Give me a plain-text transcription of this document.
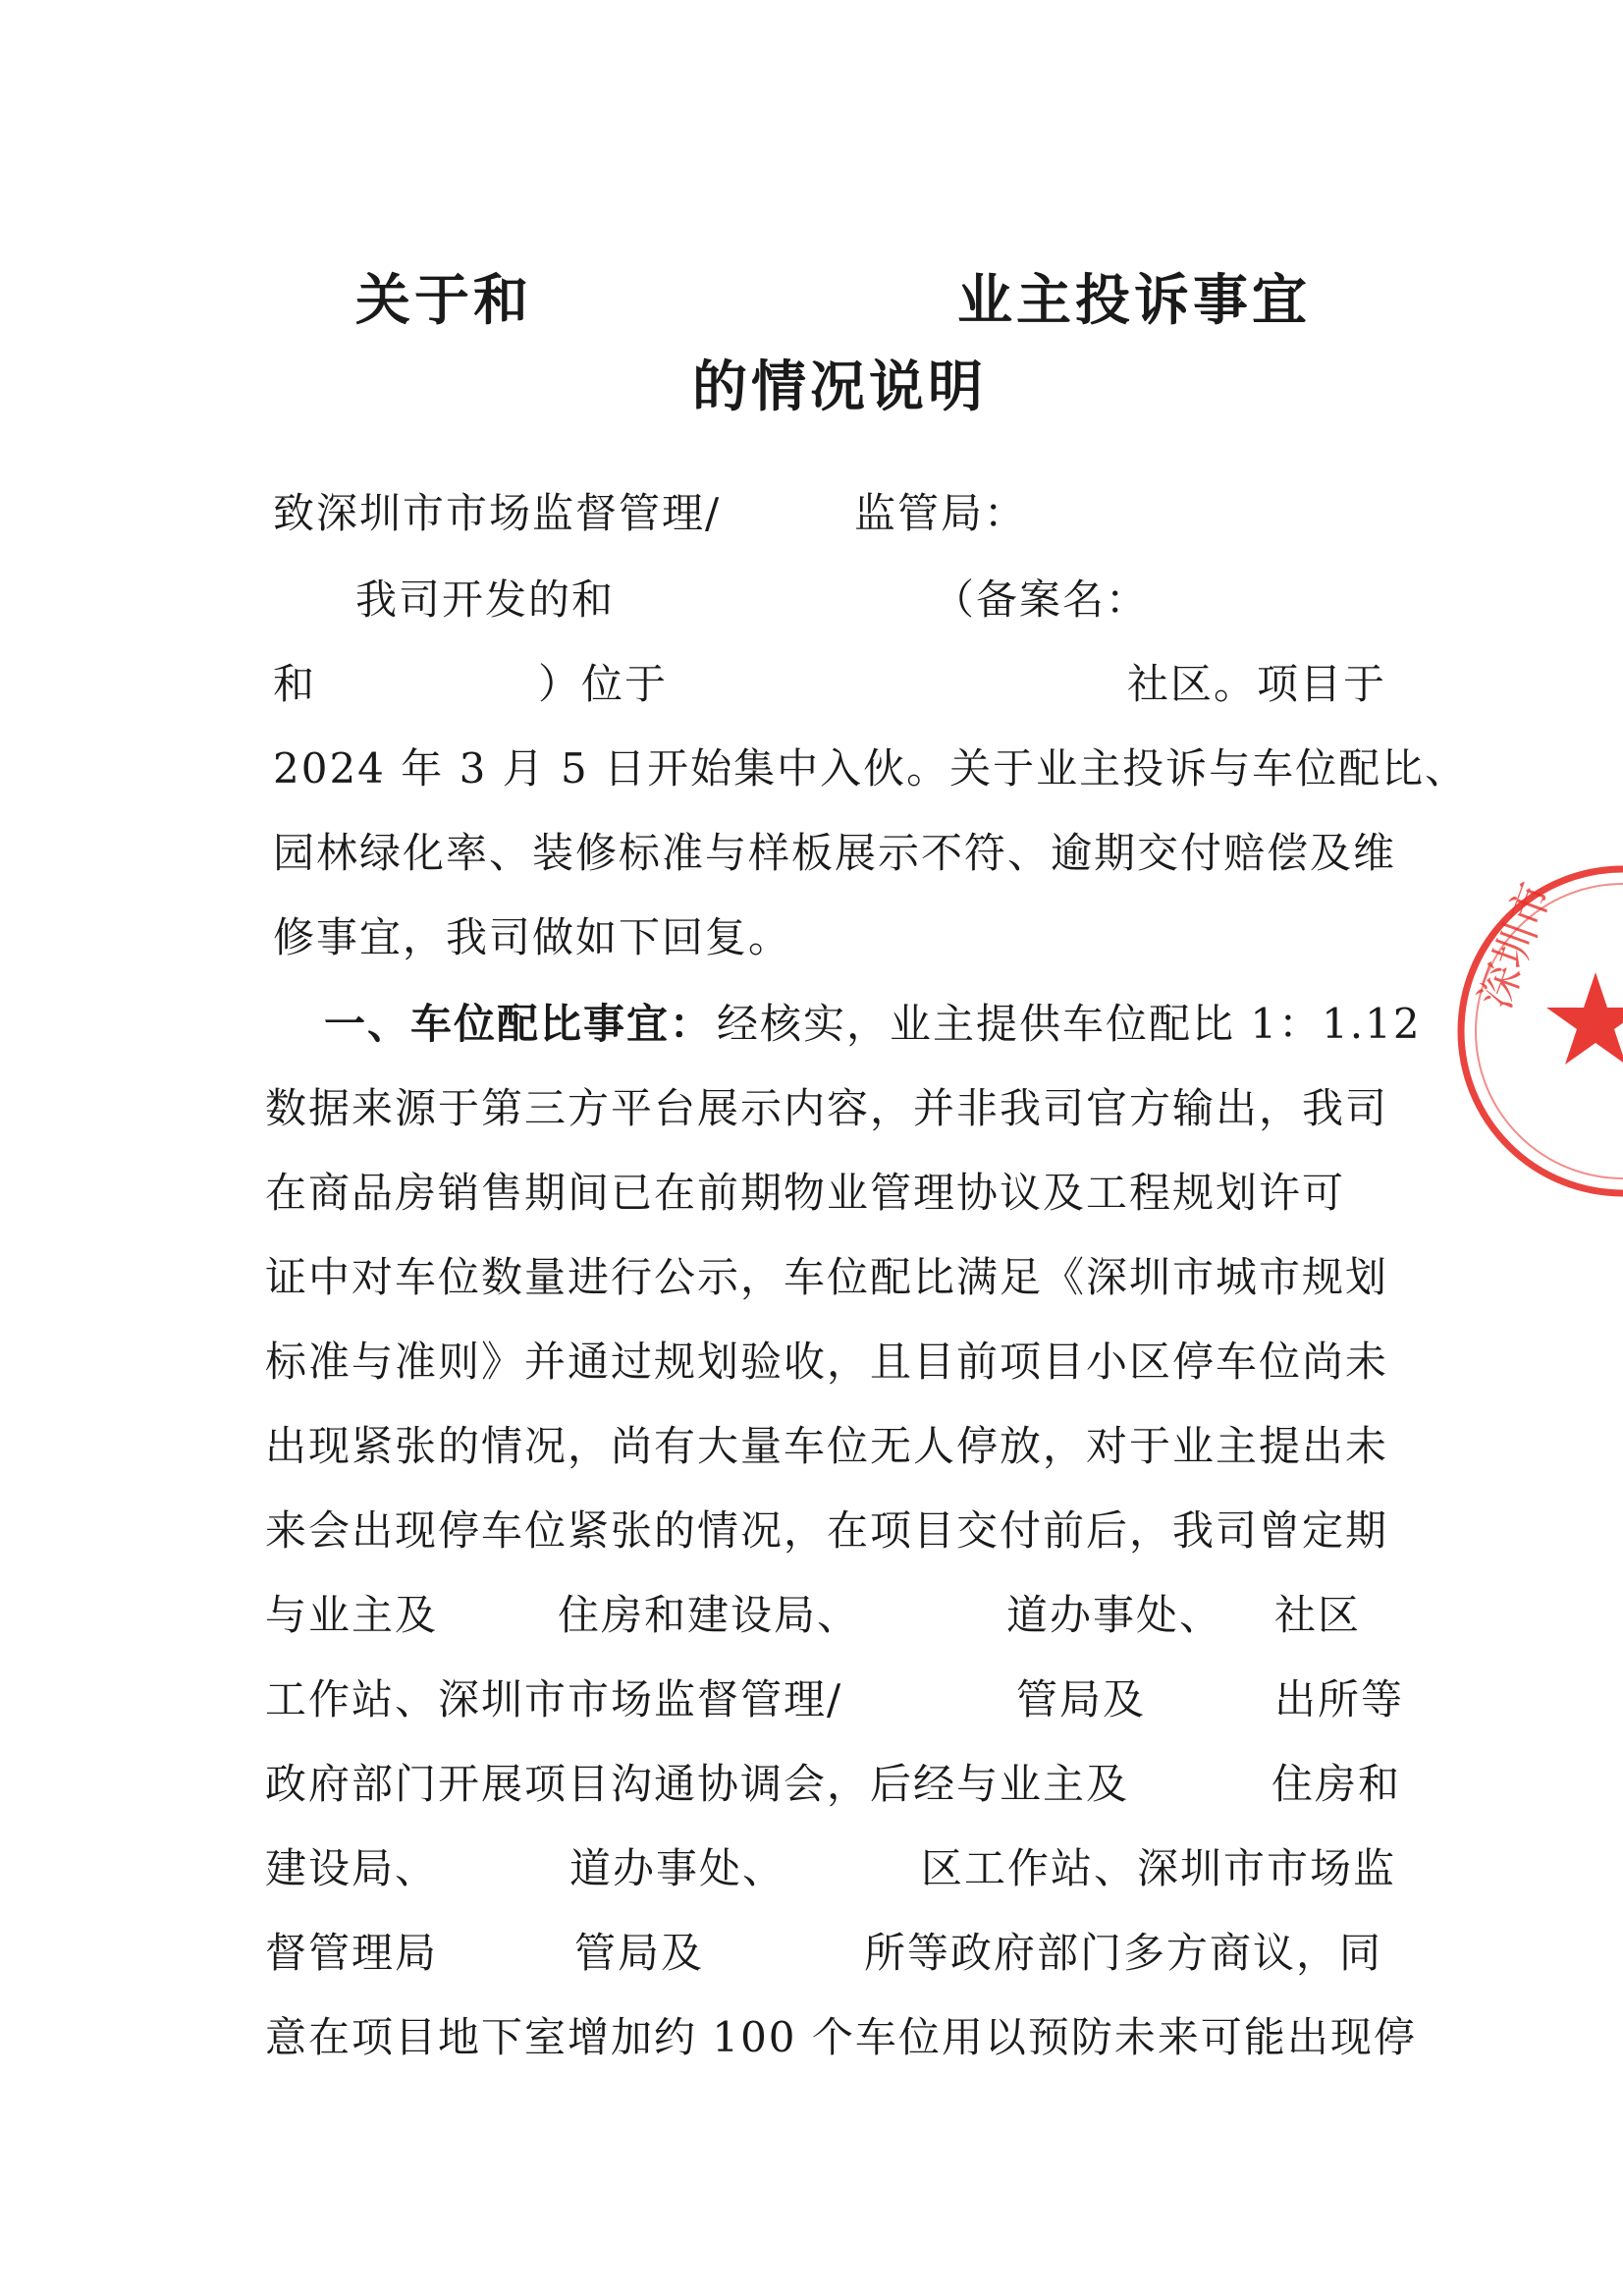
关于和	业主投诉事宜
的情况说明
致深圳市市场监督管理/	监管局：
我司开发的和	（备案名：
和	）位于	社区。项目于
2024 年 3 月 5 日开始集中入伙。关于业主投诉与车位配比、
园林绿化率、装修标准与样板展示不符、逾期交付赔偿及维
修事宜，我司做如下回复。
一、车位配比事宜： 经核实，业主提供车位配比 1：1.12
数据来源于第三方平台展示内容，并非我司官方输出，我司
在商品房销售期间已在前期物业管理协议及工程规划许可
证中对车位数量进行公示，车位配比满足《深圳市城市规划
标准与准则》并通过规划验收，且目前项目小区停车位尚未
出现紧张的情况，尚有大量车位无人停放，对于业主提出未
来会出现停车位紧张的情况，在项目交付前后，我司曾定期
与业主及	住房和建设局、	道办事处、 社区
工作站、深圳市市场监督管理/	管局及	出所等
政府部门开展项目沟通协调会，后经与业主及	住房和
建设局、	道办事处、	区工作站、深圳市市场监
督管理局	管局及	所等政府部门多方商议，同
意在项目地下室增加约 100 个车位用以预防未来可能出现停
深圳市
